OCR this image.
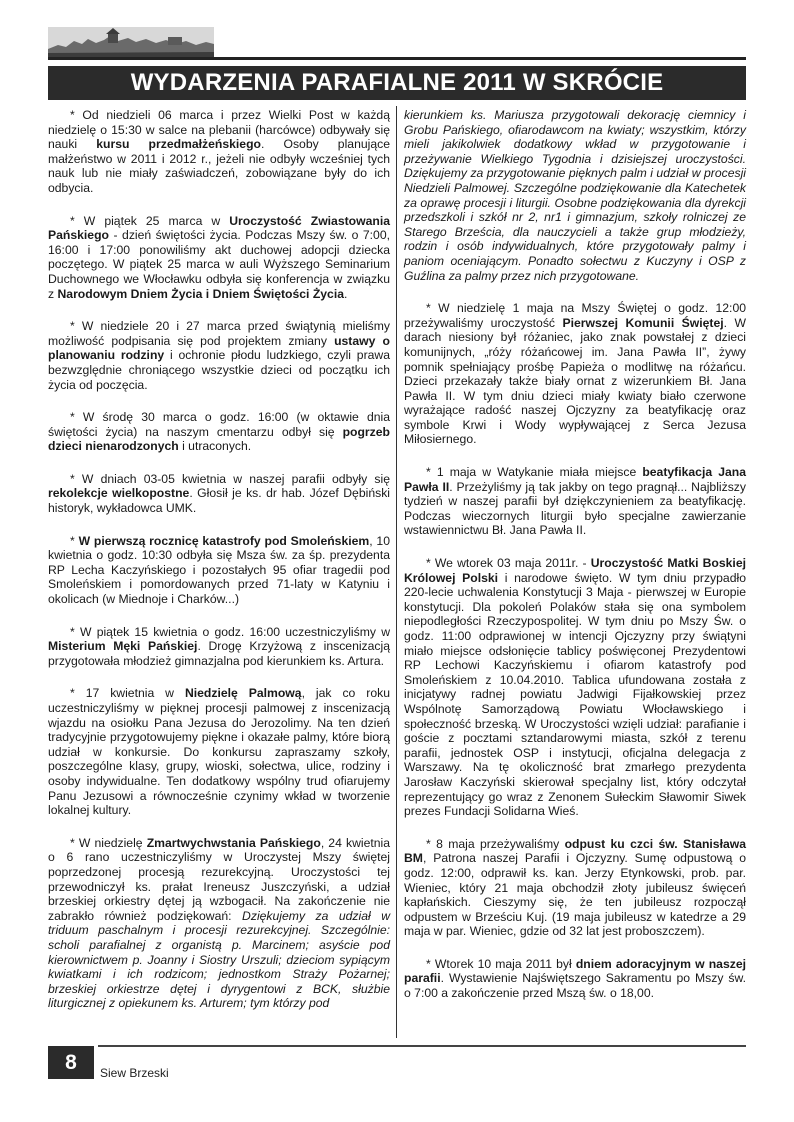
WYDARZENIA PARAFIALNE 2011 W SKRÓCIE

* Od niedzieli 06 marca i przez Wielki Post w każdą niedzielę o 15:30 w salce na plebanii (harcówce) odbywały się nauki kursu przedmałżeńskiego. Osoby planujące małżeństwo w 2011 i 2012 r., jeżeli nie odbyły wcześniej tych nauk lub nie miały zaświadczeń, zobowiązane były do ich odbycia.

* W piątek 25 marca w Uroczystość Zwiastowania Pańskiego - dzień świętości życia. Podczas Mszy św. o 7:00, 16:00 i 17:00 ponowiliśmy akt duchowej adopcji dziecka poczętego. W piątek 25 marca w auli Wyższego Seminarium Duchownego we Włocławku odbyła się konferencja w związku z Narodowym Dniem Życia i Dniem Świętości Życia.

* W niedziele 20 i 27 marca przed świątynią mieliśmy możliwość podpisania się pod projektem zmiany ustawy o planowaniu rodziny i ochronie płodu ludzkiego, czyli prawa bezwzględnie chroniącego wszystkie dzieci od początku ich życia od poczęcia.

* W środę 30 marca o godz. 16:00 (w oktawie dnia świętości życia) na naszym cmentarzu odbył się pogrzeb dzieci nienarodzonych i utraconych.

* W dniach 03-05 kwietnia w naszej parafii odbyły się rekolekcje wielkopostne. Głosił je ks. dr hab. Józef Dębiński historyk, wykładowca UMK.

* W pierwszą rocznicę katastrofy pod Smoleńskiem, 10 kwietnia o godz. 10:30 odbyła się Msza św. za śp. prezydenta RP Lecha Kaczyńskiego i pozostałych 95 ofiar tragedii pod Smoleńskiem i pomordowanych przed 71-laty w Katyniu i okolicach (w Miednoje i Charków...)

* W piątek 15 kwietnia o godz. 16:00 uczestniczyliśmy w Misterium Męki Pańskiej. Drogę Krzyżową z inscenizacją przygotowała młodzież gimnazjalna pod kierunkiem ks. Artura.

* 17 kwietnia w Niedzielę Palmową, jak co roku uczestniczyliśmy w pięknej procesji palmowej z inscenizacją wjazdu na osiołku Pana Jezusa do Jerozolimy. Na ten dzień tradycyjnie przygotowujemy piękne i okazałe palmy, które biorą udział w konkursie. Do konkursu zapraszamy szkoły, poszczególne klasy, grupy, wioski, sołectwa, ulice, rodziny i osoby indywidualne. Ten dodatkowy wspólny trud ofiarujemy Panu Jezusowi a równocześnie czynimy wkład w tworzenie lokalnej kultury.

* W niedzielę Zmartwychwstania Pańskiego, 24 kwietnia o 6 rano uczestniczyliśmy w Uroczystej Mszy świętej poprzedzonej procesją rezurekcyjną. Uroczystości tej przewodniczył ks. prałat Ireneusz Juszczyński, a udział brzeskiej orkiestry dętej ją wzbogacił. Na zakończenie nie zabrakło również podziękowań: Dziękujemy za udział w triduum paschalnym i procesji rezurekcyjnej. Szczególnie: scholi parafialnej z organistą p. Marcinem; asyście pod kierownictwem p. Joanny i Siostry Urszuli; dzieciom sypiącym kwiatkami i ich rodzicom; jednostkom Straży Pożarnej; brzeskiej orkiestrze dętej i dyrygentowi z BCK, służbie liturgicznej z opiekunem ks. Arturem; tym którzy pod

kierunkiem ks. Mariusza przygotowali dekorację ciemnicy i Grobu Pańskiego, ofiarodawcom na kwiaty; wszystkim, którzy mieli jakikolwiek dodatkowy wkład w przygotowanie i przeżywanie Wielkiego Tygodnia i dzisiejszej uroczystości. Dziękujemy za przygotowanie pięknych palm i udział w procesji Niedzieli Palmowej. Szczególne podziękowanie dla Katechetek za oprawę procesji i liturgii. Osobne podziękowania dla dyrekcji przedszkoli i szkół nr 2, nr1 i gimnazjum, szkoły rolniczej ze Starego Brześcia, dla nauczycieli a także grup młodzieży, rodzin i osób indywidualnych, które przygotowały palmy i paniom oceniającym. Ponadto sołectwu z Kuczyny i OSP z Guźlina za palmy przez nich przygotowane.

* W niedzielę 1 maja na Mszy Świętej o godz. 12:00 przeżywaliśmy uroczystość Pierwszej Komunii Świętej. W darach niesiony był różaniec, jako znak powstałej z dzieci komunijnych, „róży różańcowej im. Jana Pawła II”, żywy pomnik spełniający prośbę Papieża o modlitwę na różańcu. Dzieci przekazały także biały ornat z wizerunkiem Bł. Jana Pawła II. W tym dniu dzieci miały kwiaty biało czerwone wyrażające radość naszej Ojczyzny za beatyfikację oraz symbole Krwi i Wody wypływającej z Serca Jezusa Miłosiernego.

* 1 maja w Watykanie miała miejsce beatyfikacja Jana Pawła II. Przeżyliśmy ją tak jakby on tego pragnął... Najbliższy tydzień w naszej parafii był dziękczynieniem za beatyfikację. Podczas wieczornych liturgii było specjalne zawierzanie wstawiennictwu Bł. Jana Pawła II.

* We wtorek 03 maja 2011r. - Uroczystość Matki Boskiej Królowej Polski i narodowe święto. W tym dniu przypadło 220-lecie uchwalenia Konstytucji 3 Maja - pierwszej w Europie konstytucji. Dla pokoleń Polaków stała się ona symbolem niepodległości Rzeczypospolitej. W tym dniu po Mszy Św. o godz. 11:00 odprawionej w intencji Ojczyzny przy świątyni miało miejsce odsłonięcie tablicy poświęconej Prezydentowi RP Lechowi Kaczyńskiemu i ofiarom katastrofy pod Smoleńskiem z 10.04.2010. Tablica ufundowana została z inicjatywy radnej powiatu Jadwigi Fijałkowskiej przez Wspólnotę Samorządową Powiatu Włocławskiego i społeczność brzeską. W Uroczystości wzięli udział: parafianie i goście z pocztami sztandarowymi miasta, szkół z terenu parafii, jednostek OSP i instytucji, oficjalna delegacja z Warszawy. Na tę okoliczność brat zmarłego prezydenta Jarosław Kaczyński skierował specjalny list, który odczytał reprezentujący go wraz z Zenonem Sułeckim Sławomir Siwek prezes Fundacji Solidarna Wieś.

* 8 maja przeżywaliśmy odpust ku czci św. Stanisława BM, Patrona naszej Parafii i Ojczyzny. Sumę odpustową o godz. 12:00, odprawił ks. kan. Jerzy Etynkowski, prob. par. Wieniec, który 21 maja obchodził złoty jubileusz święceń kapłańskich. Cieszymy się, że ten jubileusz rozpoczął odpustem w Brześciu Kuj. (19 maja jubileusz w katedrze a 29 maja w par. Wieniec, gdzie od 32 lat jest proboszczem).

* Wtorek 10 maja 2011 był dniem adoracyjnym w naszej parafii. Wystawienie Najświętszego Sakramentu po Mszy św. o 7:00 a zakończenie przed Mszą św. o 18,00.

8	Siew Brzeski
